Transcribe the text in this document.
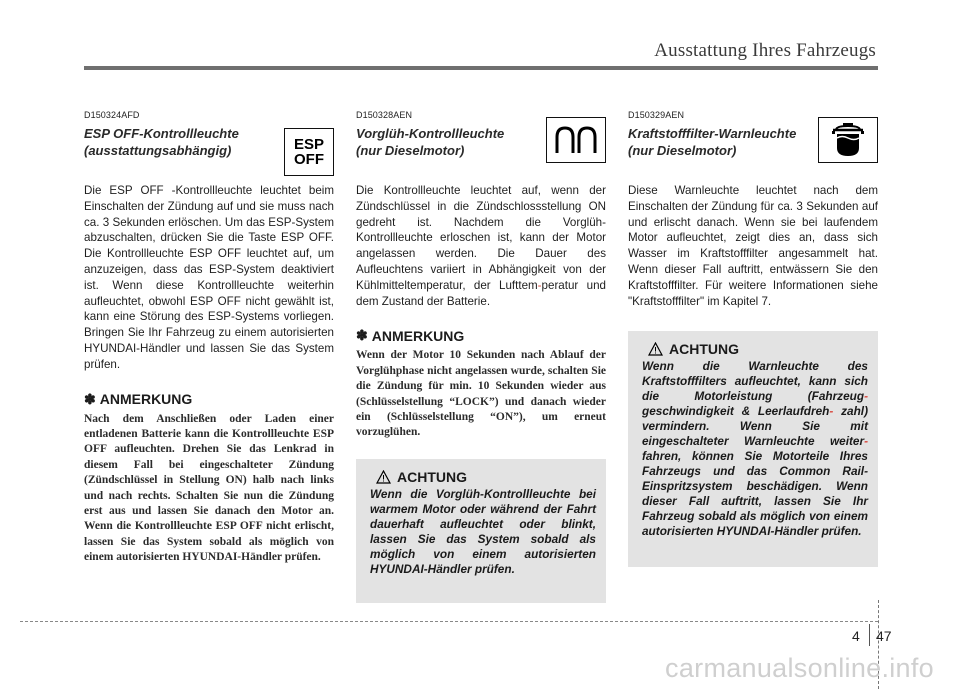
Ausstattung Ihres Fahrzeugs
D150324AFD
ESP OFF-Kontrollleuchte
(ausstattungsabhängig)	ESP
OFF
Die ESP OFF -Kontrollleuchte leuchtet beim Einschalten der Zündung auf und sie muss nach ca. 3 Sekunden erlöschen. Um das ESP-System abzuschalten, drücken Sie die Taste ESP OFF. Die Kontrollleuchte ESP OFF leuchtet auf, um anzuzeigen, dass das ESP-System deaktiviert ist. Wenn diese Kontrollleuchte weiterhin aufleuchtet, obwohl ESP OFF nicht gewählt ist, kann eine Störung des ESP-Systems vorliegen. Bringen Sie Ihr Fahrzeug zu einem autorisierten HYUNDAI-Händler und lassen Sie das System prüfen.
✽ ANMERKUNG
Nach dem Anschließen oder Laden einer entladenen Batterie kann die Kontrollleuchte ESP OFF aufleuchten. Drehen Sie das Lenkrad in diesem Fall bei eingeschalteter Zündung (Zündschlüssel in Stellung ON) halb nach links und nach rechts. Schalten Sie nun die Zündung erst aus und lassen Sie danach den Motor an. Wenn die Kontrollleuchte ESP OFF nicht erlischt, lassen Sie das System sobald als möglich von einem autorisierten HYUNDAI-Händler prüfen.
D150328AEN
Vorglüh-Kontrollleuchte
(nur Dieselmotor)
Die Kontrollleuchte leuchtet auf, wenn der Zündschlüssel in die Zündschlossstellung ON gedreht ist. Nachdem die Vorglüh-Kontrollleuchte erloschen ist, kann der Motor angelassen werden. Die Dauer des Aufleuchtens variiert in Abhängigkeit von der Kühlmitteltemperatur, der Lufttem-peratur und dem Zustand der Batterie.
✽ ANMERKUNG
Wenn der Motor 10 Sekunden nach Ablauf der Vorglühphase nicht angelassen wurde, schalten Sie die Zündung für min. 10 Sekunden wieder aus (Schlüsselstellung “LOCK”) und danach wieder ein (Schlüsselstellung “ON”), um erneut vorzuglühen.
ACHTUNG
Wenn die Vorglüh-Kontrollleuchte bei warmem Motor oder während der Fahrt dauerhaft aufleuchtet oder blinkt, lassen Sie das System sobald als möglich von einem autorisierten HYUNDAI-Händler prüfen.
D150329AEN
Kraftstofffilter-Warnleuchte
(nur Dieselmotor)
Diese Warnleuchte leuchtet nach dem Einschalten der Zündung für ca. 3 Sekunden auf und erlischt danach. Wenn sie bei laufendem Motor aufleuchtet, zeigt dies an, dass sich Wasser im Kraftstofffilter angesammelt hat. Wenn dieser Fall auftritt, entwässern Sie den Kraftstofffilter. Für weitere Informationen siehe "Kraftstofffilter" im Kapitel 7.
ACHTUNG
Wenn die Warnleuchte des Kraftstofffilters aufleuchtet, kann sich die Motorleistung (Fahrzeug- geschwindigkeit & Leerlaufdreh- zahl) vermindern. Wenn Sie mit eingeschalteter Warnleuchte weiter- fahren, können Sie Motorteile Ihres Fahrzeugs und das Common Rail-Einspritzsystem beschädigen. Wenn dieser Fall auftritt, lassen Sie Ihr Fahrzeug sobald als möglich von einem autorisierten HYUNDAI-Händler prüfen.
4 47
carmanualsonline.info
